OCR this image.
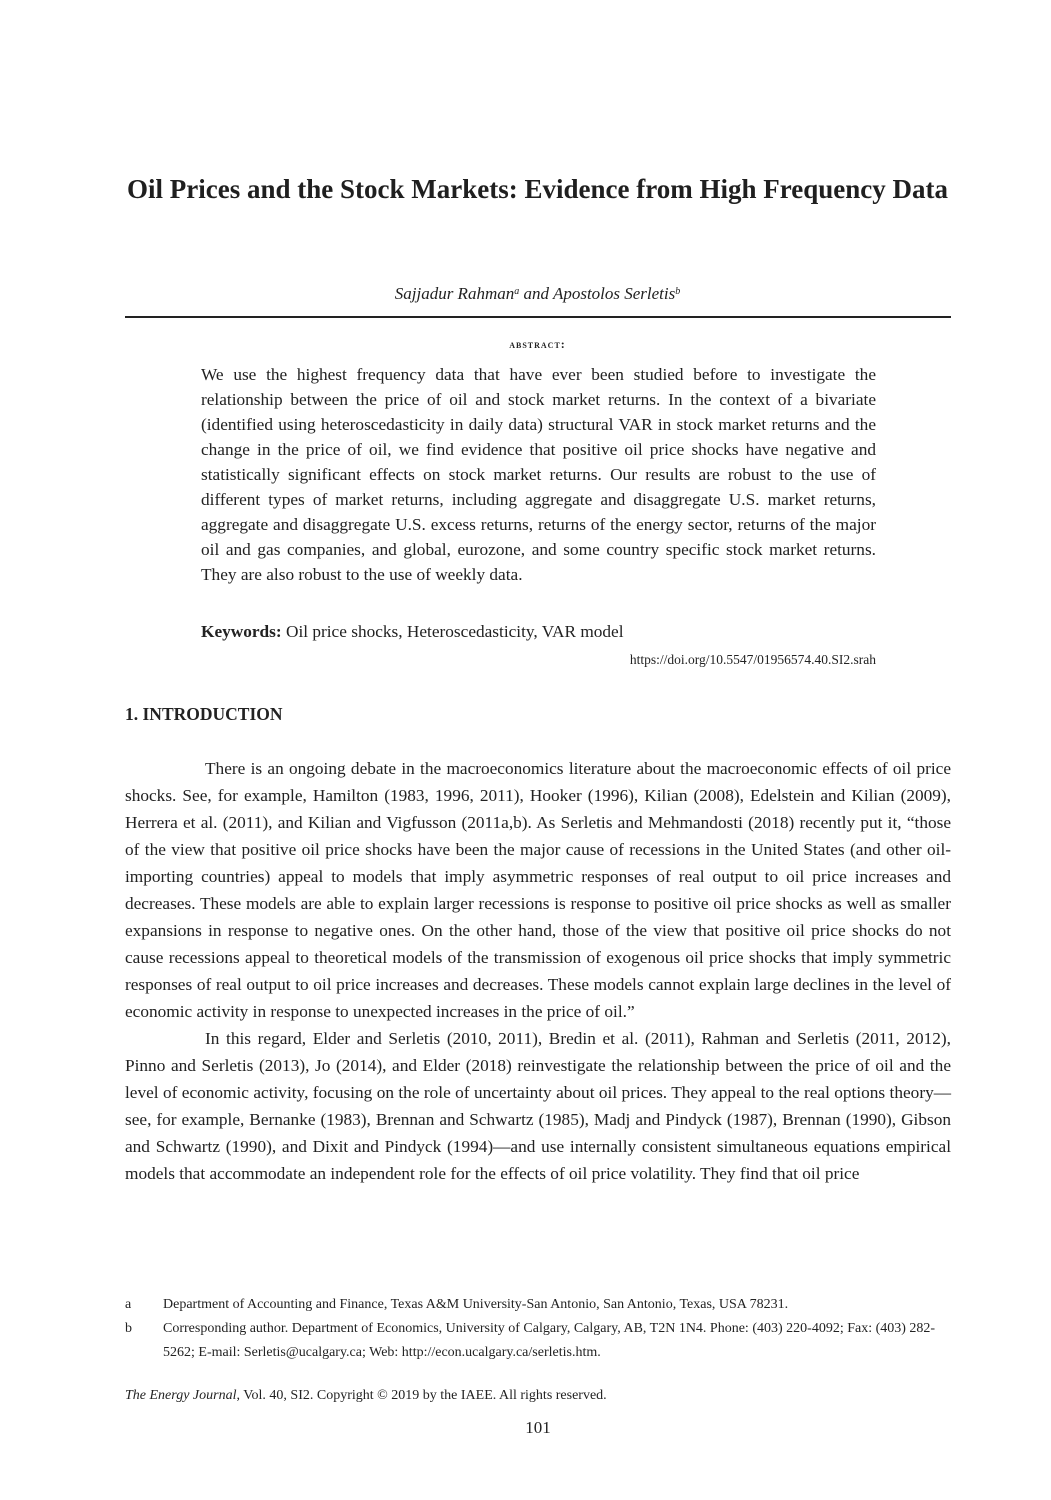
Oil Prices and the Stock Markets: Evidence from High Frequency Data
Sajjadur Rahman$^a$ and Apostolos Serletis$^b$
abstract:

We use the highest frequency data that have ever been studied before to investigate the relationship between the price of oil and stock market returns. In the context of a bivariate (identified using heteroscedasticity in daily data) structural VAR in stock market returns and the change in the price of oil, we find evidence that positive oil price shocks have negative and statistically significant effects on stock market returns. Our results are robust to the use of different types of market returns, including aggregate and disaggregate U.S. market returns, aggregate and disaggregate U.S. excess returns, returns of the energy sector, returns of the major oil and gas companies, and global, eurozone, and some country specific stock market returns. They are also robust to the use of weekly data.

Keywords: Oil price shocks, Heteroscedasticity, VAR model
https://doi.org/10.5547/01956574.40.SI2.srah
1. INTRODUCTION

There is an ongoing debate in the macroeconomics literature about the macroeconomic effects of oil price shocks. See, for example, Hamilton (1983, 1996, 2011), Hooker (1996), Kilian (2008), Edelstein and Kilian (2009), Herrera et al. (2011), and Kilian and Vigfusson (2011a,b). As Serletis and Mehmandosti (2018) recently put it, “those of the view that positive oil price shocks have been the major cause of recessions in the United States (and other oil-importing countries) appeal to models that imply asymmetric responses of real output to oil price increases and decreases. These models are able to explain larger recessions is response to positive oil price shocks as well as smaller expansions in response to negative ones. On the other hand, those of the view that positive oil price shocks do not cause recessions appeal to theoretical models of the transmission of exogenous oil price shocks that imply symmetric responses of real output to oil price increases and decreases. These models cannot explain large declines in the level of economic activity in response to unexpected increases in the price of oil.”

In this regard, Elder and Serletis (2010, 2011), Bredin et al. (2011), Rahman and Serletis (2011, 2012), Pinno and Serletis (2013), Jo (2014), and Elder (2018) reinvestigate the relationship between the price of oil and the level of economic activity, focusing on the role of uncertainty about oil prices. They appeal to the real options theory—see, for example, Bernanke (1983), Brennan and Schwartz (1985), Madj and Pindyck (1987), Brennan (1990), Gibson and Schwartz (1990), and Dixit and Pindyck (1994)—and use internally consistent simultaneous equations empirical models that accommodate an independent role for the effects of oil price volatility. They find that oil price

a	Department of Accounting and Finance, Texas A&M University-San Antonio, San Antonio, Texas, USA 78231.
b	Corresponding author. Department of Economics, University of Calgary, Calgary, AB, T2N 1N4. Phone: (403) 220-4092; Fax: (403) 282-5262; E-mail: Serletis@ucalgary.ca; Web: http://econ.ucalgary.ca/serletis.htm.
The Energy Journal, Vol. 40, SI2. Copyright © 2019 by the IAEE. All rights reserved.
101
